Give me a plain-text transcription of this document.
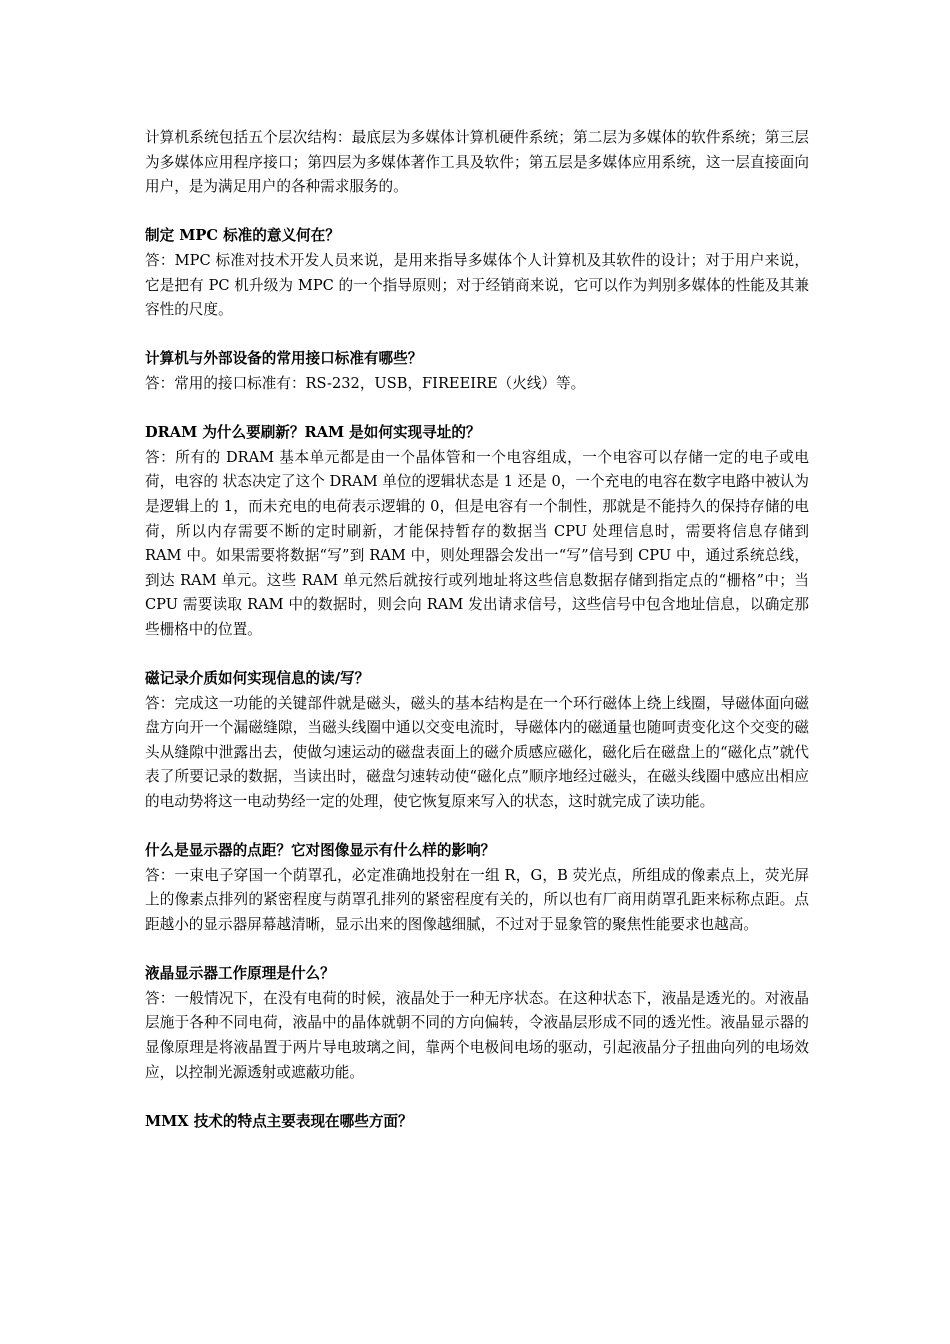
计算机系统包括五个层次结构：最底层为多媒体计算机硬件系统；第二层为多媒体的软件系统；第三层为多媒体应用程序接口；第四层为多媒体著作工具及软件；第五层是多媒体应用系统，这一层直接面向用户，是为满足用户的各种需求服务的。

制定 MPC 标准的意义何在？

答：MPC 标准对技术开发人员来说，是用来指导多媒体个人计算机及其软件的设计；对于用户来说，它是把有 PC 机升级为 MPC 的一个指导原则；对于经销商来说，它可以作为判别多媒体的性能及其兼容性的尺度。

计算机与外部设备的常用接口标准有哪些？

答：常用的接口标准有：RS-232，USB，FIREEIRE（火线）等。

DRAM 为什么要刷新？RAM 是如何实现寻址的？

答：所有的 DRAM 基本单元都是由一个晶体管和一个电容组成，一个电容可以存储一定的电子或电荷，电容的 状态决定了这个 DRAM 单位的逻辑状态是 1 还是 0，一个充电的电容在数字电路中被认为是逻辑上的 1，而未充电的电荷表示逻辑的 0，但是电容有一个制性，那就是不能持久的保持存储的电荷，所以内存需要不断的定时刷新，才能保持暂存的数据当 CPU 处理信息时，需要将信息存储到 RAM 中。如果需要将数据“写”到 RAM 中，则处理器会发出一“写”信号到 CPU 中，通过系统总线，到达 RAM 单元。这些 RAM 单元然后就按行或列地址将这些信息数据存储到指定点的“栅格”中；当 CPU 需要读取 RAM 中的数据时，则会向 RAM 发出请求信号，这些信号中包含地址信息，以确定那些栅格中的位置。

磁记录介质如何实现信息的读/写？

答：完成这一功能的关键部件就是磁头，磁头的基本结构是在一个环行磁体上绕上线圈，导磁体面向磁盘方向开一个漏磁缝隙，当磁头线圈中通以交变电流时，导磁体内的磁通量也随呵责变化这个交变的磁头从缝隙中泄露出去，使做匀速运动的磁盘表面上的磁介质感应磁化，磁化后在磁盘上的“磁化点”就代表了所要记录的数据，当读出时，磁盘匀速转动使“磁化点”顺序地经过磁头，在磁头线圈中感应出相应的电动势将这一电动势经一定的处理，使它恢复原来写入的状态，这时就完成了读功能。

什么是显示器的点距？它对图像显示有什么样的影响？

答：一束电子穿国一个荫罩孔，必定准确地投射在一组 R，G，B 荧光点，所组成的像素点上，荧光屏上的像素点排列的紧密程度与荫罩孔排列的紧密程度有关的，所以也有厂商用荫罩孔距来标称点距。点距越小的显示器屏幕越清晰，显示出来的图像越细腻，不过对于显象管的聚焦性能要求也越高。

液晶显示器工作原理是什么？

答：一般情况下，在没有电荷的时候，液晶处于一种无序状态。在这种状态下，液晶是透光的。对液晶层施于各种不同电荷，液晶中的晶体就朝不同的方向偏转，令液晶层形成不同的透光性。液晶显示器的显像原理是将液晶置于两片导电玻璃之间，靠两个电极间电场的驱动，引起液晶分子扭曲向列的电场效应，以控制光源透射或遮蔽功能。

MMX 技术的特点主要表现在哪些方面？
